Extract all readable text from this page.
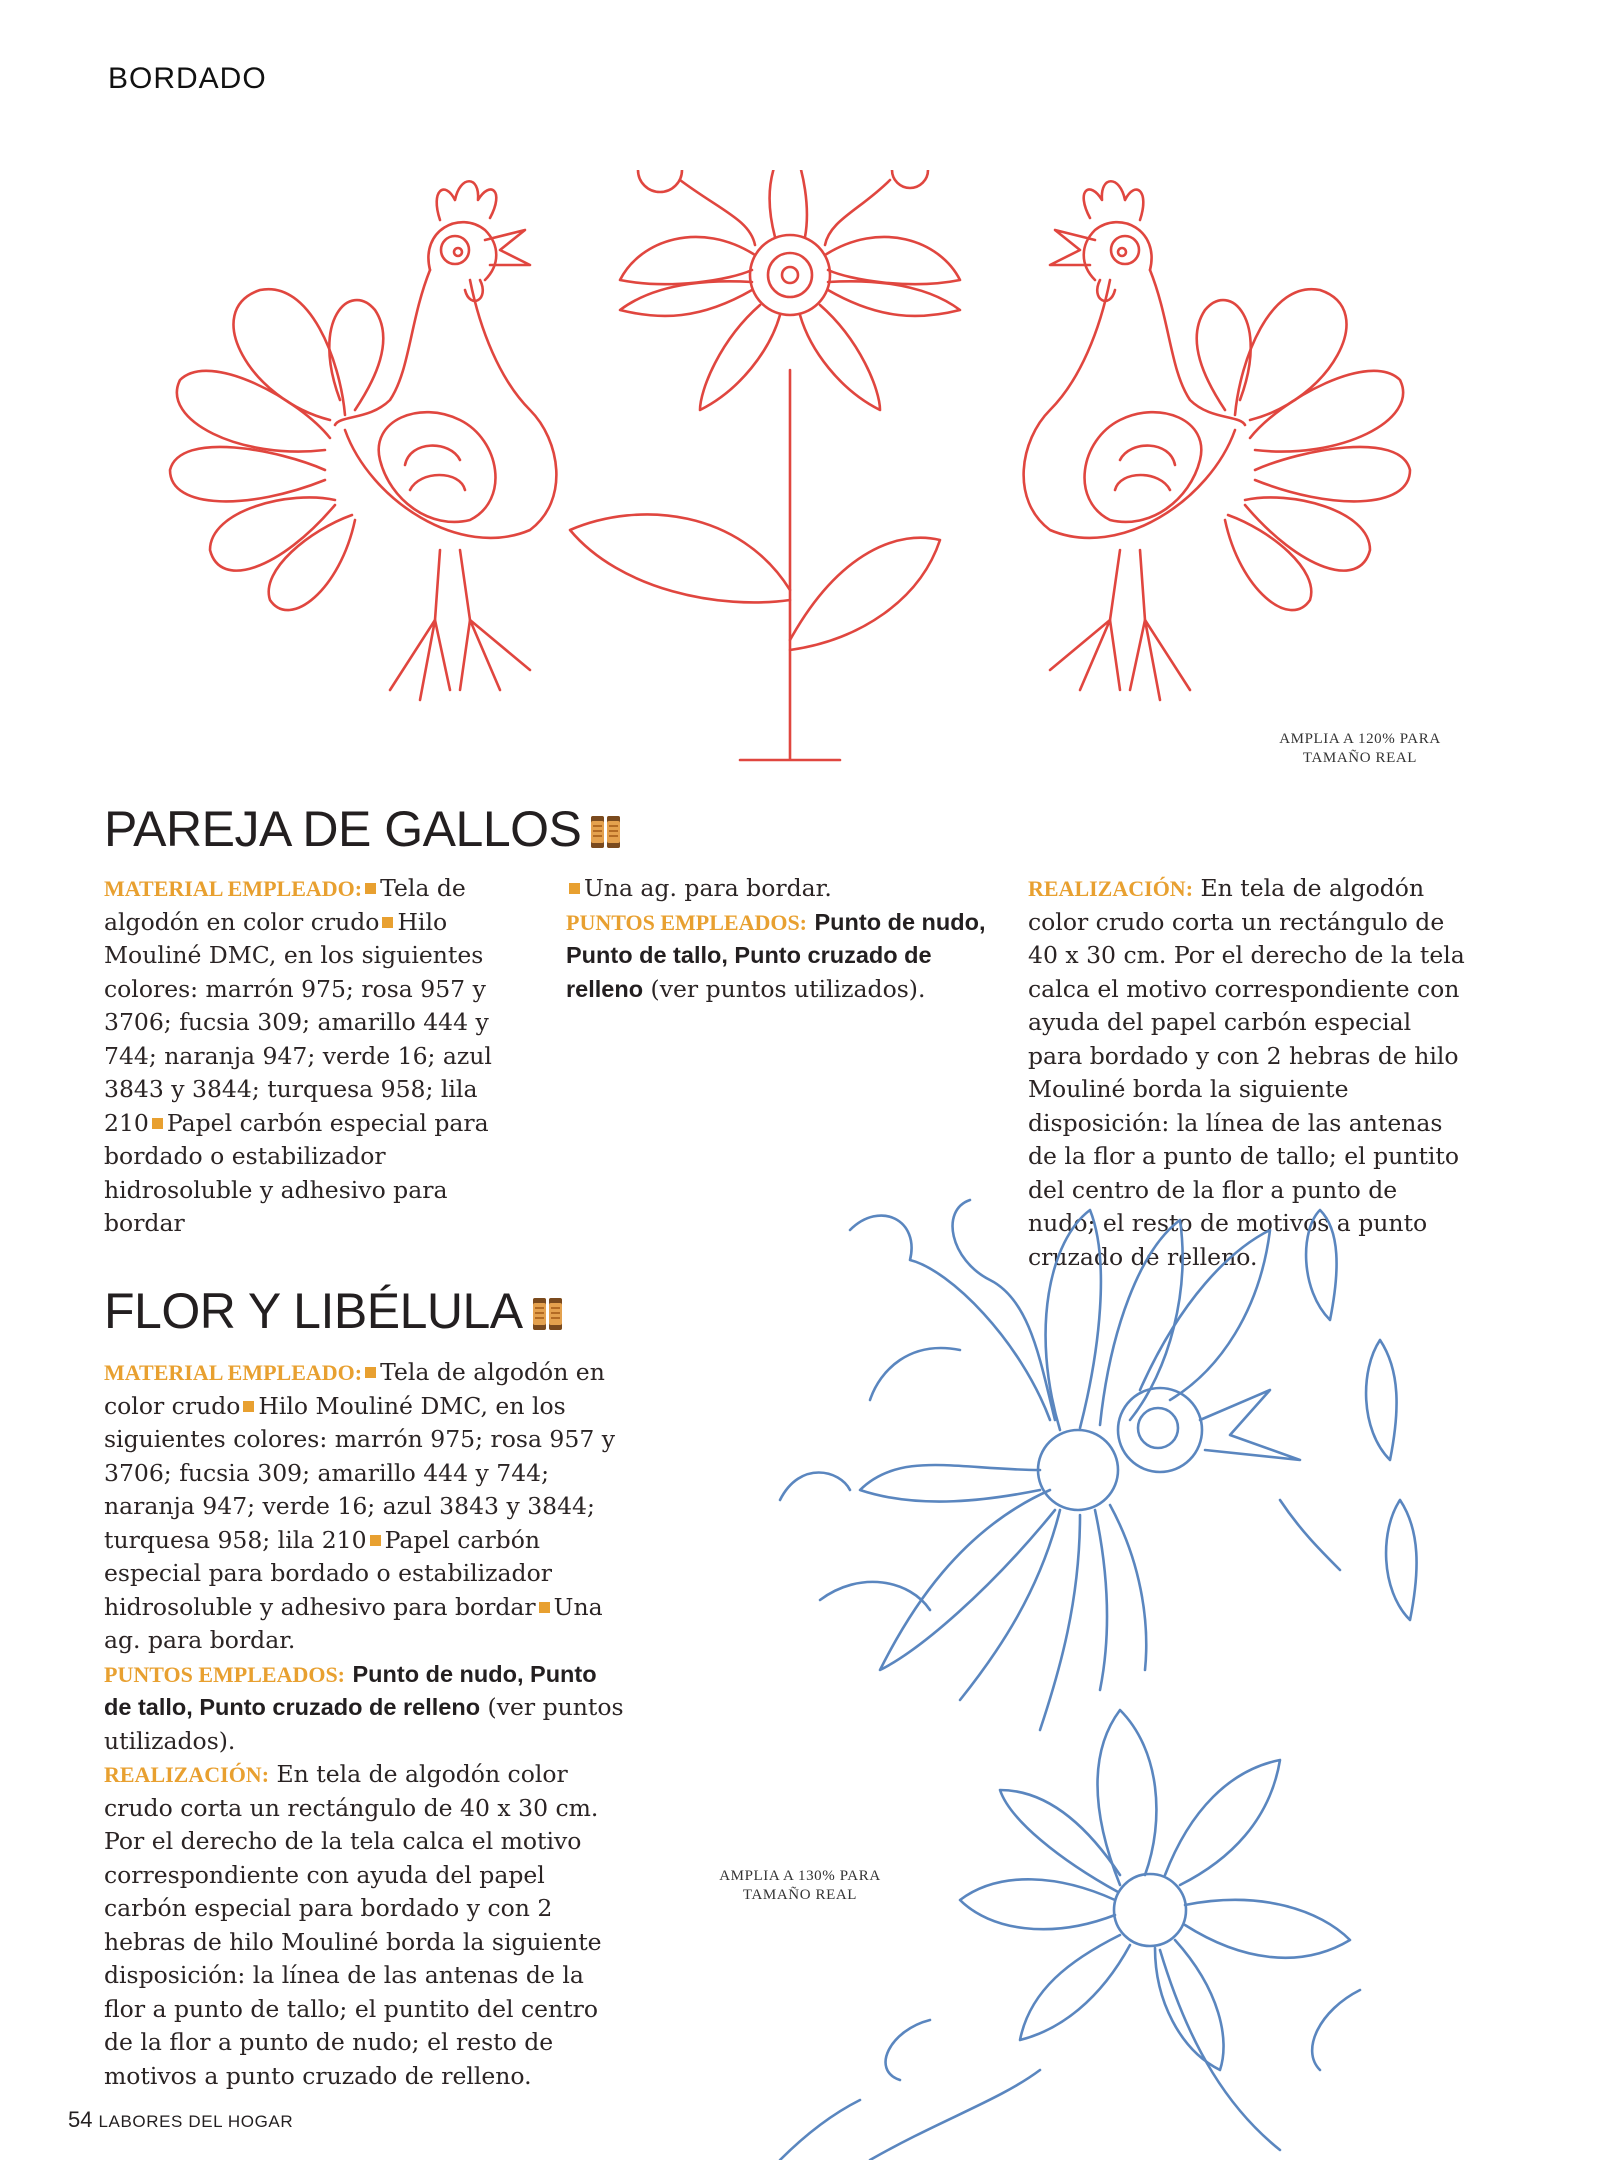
BORDADO
AMPLIA A 120% PARA
TAMAÑO REAL
PAREJA DE GALLOS

MATERIAL EMPLEADO: Tela de algodón en color crudo Hilo Mouliné DMC, en los siguientes colores: marrón 975; rosa 957 y 3706; fucsia 309; amarillo 444 y 744; naranja 947; verde 16; azul 3843 y 3844; turquesa 958; lila 210 Papel carbón especial para bordado o estabilizador hidrosoluble y adhesivo para bordar

Una ag. para bordar.

PUNTOS EMPLEADOS: Punto de nudo, Punto de tallo, Punto cruzado de relleno (ver puntos utilizados).

REALIZACIÓN: En tela de algodón color crudo corta un rectángulo de 40 x 30 cm. Por el derecho de la tela calca el motivo correspondiente con ayuda del papel carbón especial para bordado y con 2 hebras de hilo Mouliné borda la siguiente disposición: la línea de las antenas de la flor a punto de tallo; el puntito del centro de la flor a punto de nudo; el resto de motivos a punto cruzado de relleno.

AMPLIA A 130% PARA
TAMAÑO REAL
FLOR Y LIBÉLULA

MATERIAL EMPLEADO: Tela de algodón en color crudo Hilo Mouliné DMC, en los siguientes colores: marrón 975; rosa 957 y 3706; fucsia 309; amarillo 444 y 744; naranja 947; verde 16; azul 3843 y 3844; turquesa 958; lila 210 Papel carbón especial para bordado o estabilizador hidrosoluble y adhesivo para bordar Una ag. para bordar.

PUNTOS EMPLEADOS: Punto de nudo, Punto de tallo, Punto cruzado de relleno (ver puntos utilizados).

REALIZACIÓN: En tela de algodón color crudo corta un rectángulo de 40 x 30 cm. Por el derecho de la tela calca el motivo correspondiente con ayuda del papel carbón especial para bordado y con 2 hebras de hilo Mouliné borda la siguiente disposición: la línea de las antenas de la flor a punto de tallo; el puntito del centro de la flor a punto de nudo; el resto de motivos a punto cruzado de relleno.

54 LABORES DEL HOGAR
